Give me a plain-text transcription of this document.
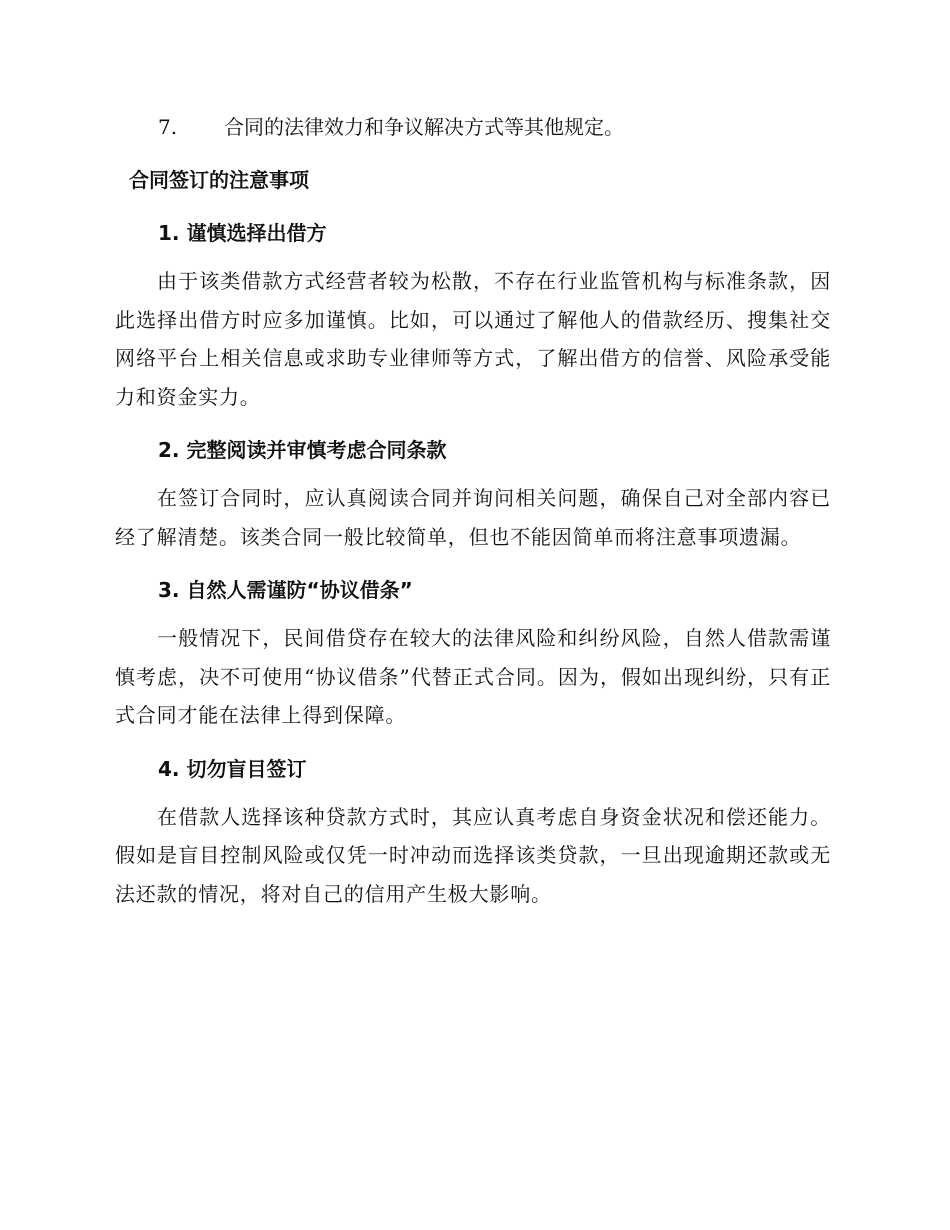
7. 合同的法律效力和争议解决方式等其他规定。
合同签订的注意事项
1. 谨慎选择出借方
由于该类借款方式经营者较为松散，不存在行业监管机构与标准条款，因此选择出借方时应多加谨慎。比如，可以通过了解他人的借款经历、搜集社交网络平台上相关信息或求助专业律师等方式，了解出借方的信誉、风险承受能力和资金实力。
2. 完整阅读并审慎考虑合同条款
在签订合同时，应认真阅读合同并询问相关问题，确保自己对全部内容已经了解清楚。该类合同一般比较简单，但也不能因简单而将注意事项遗漏。
3. 自然人需谨防“协议借条”
一般情况下，民间借贷存在较大的法律风险和纠纷风险，自然人借款需谨慎考虑，决不可使用“协议借条”代替正式合同。因为，假如出现纠纷，只有正式合同才能在法律上得到保障。
4. 切勿盲目签订
在借款人选择该种贷款方式时，其应认真考虑自身资金状况和偿还能力。假如是盲目控制风险或仅凭一时冲动而选择该类贷款，一旦出现逾期还款或无法还款的情况，将对自己的信用产生极大影响。
